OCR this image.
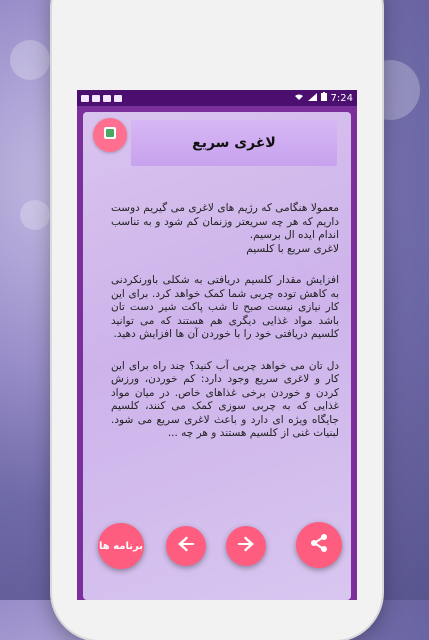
7:24
لاغری سریع

معمولا هنگامی که رژیم های لاغری می گیریم دوست داریم که هر چه سریعتر وزنمان کم شود و به تناسب اندام ایده ال برسیم.
لاغری سریع با کلسیم

افزایش مقدار کلسیم دریافتی به شکلی باورنکردنی به کاهش توده چربی شما کمک خواهد کرد. برای این کار نیازی نیست صبح تا شب پاکت شیر دست تان باشد مواد غذایی دیگری هم هستند که می توانید کلسیم دریافتی خود را با خوردن آن ها افزایش دهید.

دل تان می خواهد چربی آب کنید؟ چند راه برای این کار و لاغری سریع وجود دارد: کم خوردن، ورزش کردن و خوردن برخی غذاهای خاص. در میان مواد غذایی که به چربی سوزی کمک می کنند، کلسیم جایگاه ویژه ای دارد و باعث لاغری سریع می شود. لبنیات غنی از کلسیم هستند و هر چه ...

برنامه ها
